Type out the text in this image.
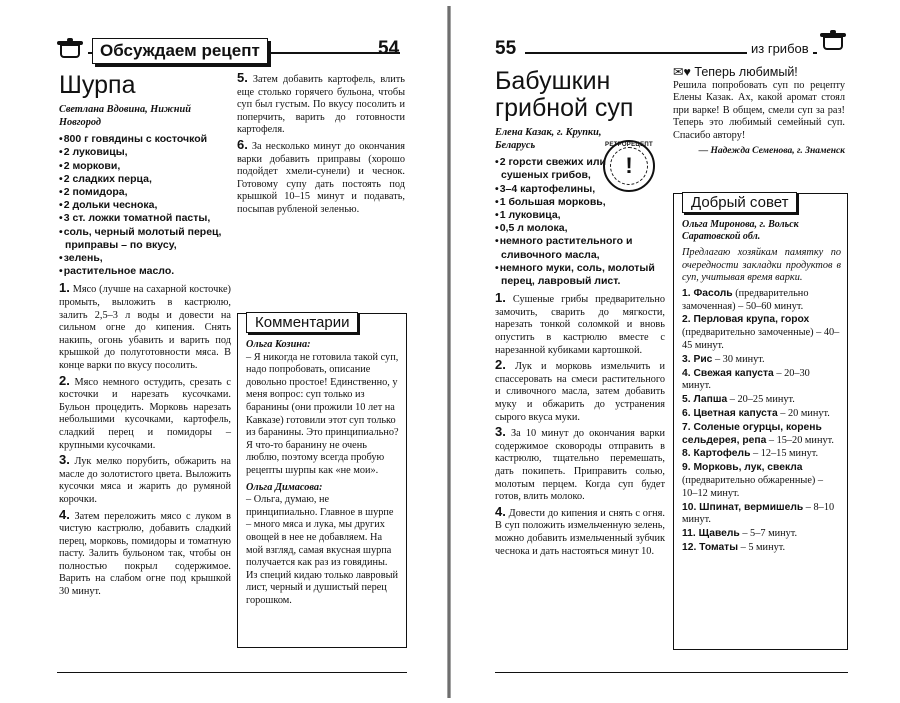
Обсуждаем рецепт	54
Шурпа
Светлана Вдовина, Нижний Новгород
• 800 г говядины с косточкой
• 2 луковицы,
• 2 моркови,
• 2 сладких перца,
• 2 помидора,
• 2 дольки чеснока,
• 3 ст. ложки томатной пасты,
• соль, черный молотый перец, приправы – по вкусу,
• зелень,
• растительное масло.

1. Мясо (лучше на сахарной косточке) промыть, выложить в кастрюлю, залить 2,5–3 л воды и довести на сильном огне до кипения. Снять накипь, огонь убавить и варить под крышкой до полуготовности мяса. В конце варки по вкусу посолить.

2. Мясо немного остудить, срезать с косточки и нарезать кусочками. Бульон процедить. Морковь нарезать небольшими кусочками, картофель, сладкий перец и помидоры – крупными кусочками.

3. Лук мелко порубить, обжарить на масле до золотистого цвета. Выложить кусочки мяса и жарить до румяной корочки.

4. Затем переложить мясо с луком в чистую кастрюлю, добавить сладкий перец, морковь, помидоры и томатную пасту. Залить бульоном так, чтобы он полностью покрыл содержимое. Варить на слабом огне под крышкой 30 минут.

5. Затем добавить картофель, влить еще столько горячего бульона, чтобы суп был густым. По вкусу посолить и поперчить, варить до готовности картофеля.

6. За несколько минут до окончания варки добавить приправы (хорошо подойдет хмели-сунели) и чеснок. Готовому супу дать постоять под крышкой 10–15 минут и подавать, посыпав рубленой зеленью.

Комментарии
Ольга Козина:

– Я никогда не готовила такой суп, надо попробовать, описание довольно простое! Единственно, у меня вопрос: суп только из баранины (они прожили 10 лет на Кавказе) готовили этот суп только из баранины. Это принципиально? Я что-то баранину не очень люблю, поэтому всегда пробую рецепты шурпы как «не мои».

Ольга Димасова:

– Ольга, думаю, не принципиально. Главное в шурпе – много мяса и лука, мы других овощей в нее не добавляем. На мой взгляд, самая вкусная шурпа получается как раз из говядины. Из специй кидаю только лавровый лист, черный и душистый перец горошком.

55	из грибов
Бабушкин грибной суп
Елена Казак, г. Крупки, Беларусь
• 2 горсти свежих или сушеных грибов,
• 3–4 картофелины,
• 1 большая морковь,
• 1 луковица,
• 0,5 л молока,
• немного растительного и сливочного масла,
• немного муки, соль, молотый перец, лавровый лист.

1. Сушеные грибы предварительно замочить, сварить до мягкости, нарезать тонкой соломкой и вновь опустить в кастрюлю вместе с нарезанной кубиками картошкой.

2. Лук и морковь измельчить и спассеровать на смеси растительного и сливочного масла, затем добавить муку и обжарить до устранения сырого вкуса муки.

3. За 10 минут до окончания варки содержимое сковороды отправить в кастрюлю, тщательно перемешать, дать покипеть. Приправить солью, молотым перцем. Когда суп будет готов, влить молоко.

4. Довести до кипения и снять с огня. В суп положить измельченную зелень, можно добавить измельченный зубчик чеснока и дать настояться минут 10.

РЕТРОРЕЦЕПТ
!
✉♥ Теперь любимый!

Решила попробовать суп по рецепту Елены Казак. Ах, какой аромат стоял при варке! В общем, смели суп за раз! Теперь это любимый семейный суп. Спасибо автору!

— Надежда Семенова, г. Знаменск
Добрый совет
Ольга Миронова, г. Вольск Саратовской обл.

Предлагаю хозяйкам памятку по очередности закладки продуктов в суп, учитывая время варки.

1. Фасоль (предварительно замоченная) – 50–60 минут.
2. Перловая крупа, горох (предварительно замоченные) – 40–45 минут.
3. Рис – 30 минут.
4. Свежая капуста – 20–30 минут.
5. Лапша – 20–25 минут.
6. Цветная капуста – 20 минут.
7. Соленые огурцы, корень сельдерея, репа – 15–20 минут.
8. Картофель – 12–15 минут.
9. Морковь, лук, свекла (предварительно обжаренные) – 10–12 минут.
10. Шпинат, вермишель – 8–10 минут.
11. Щавель – 5–7 минут.
12. Томаты – 5 минут.
